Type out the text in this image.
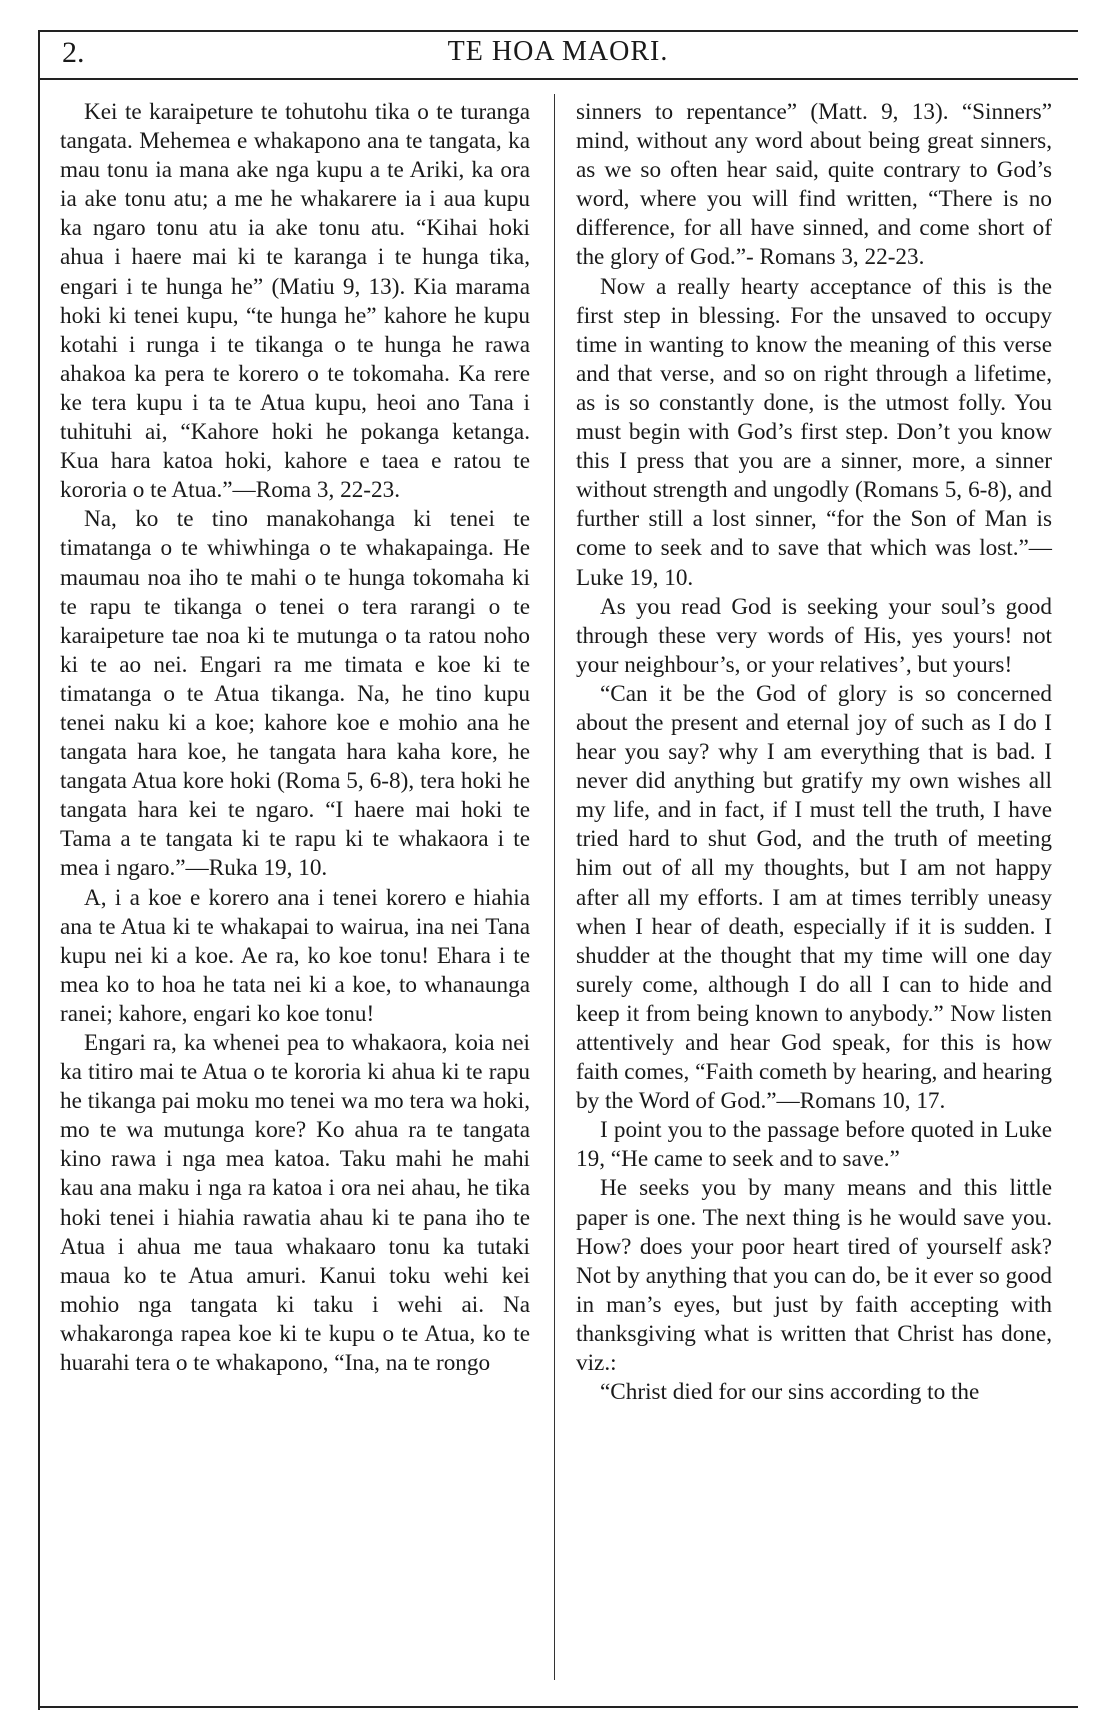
2.	TE HOA MAORI.

Kei te karaipeture te tohutohu tika o te turanga tangata. Mehemea e whakapono ana te tangata, ka mau tonu ia mana ake nga kupu a te Ariki, ka ora ia ake tonu atu; a me he whakarere ia i aua kupu ka ngaro tonu atu ia ake tonu atu. “Kihai hoki ahua i haere mai ki te karanga i te hunga tika, engari i te hunga he” (Matiu 9, 13). Kia marama hoki ki tenei kupu, “te hunga he” kahore he kupu kotahi i runga i te tikanga o te hunga he rawa ahakoa ka pera te korero o te tokomaha. Ka rere ke tera kupu i ta te Atua kupu, heoi ano Tana i tuhituhi ai, “Kahore hoki he pokanga ketanga. Kua hara katoa hoki, kahore e taea e ratou te kororia o te Atua.”—Roma 3, 22-23.

Na, ko te tino manakohanga ki tenei te timatanga o te whiwhinga o te whakapainga. He maumau noa iho te mahi o te hunga tokomaha ki te rapu te tikanga o tenei o tera rarangi o te karaipeture tae noa ki te mutunga o ta ratou noho ki te ao nei. Engari ra me timata e koe ki te timatanga o te Atua tikanga. Na, he tino kupu tenei naku ki a koe; kahore koe e mohio ana he tangata hara koe, he tangata hara kaha kore, he tangata Atua kore hoki (Roma 5, 6-8), tera hoki he tangata hara kei te ngaro. “I haere mai hoki te Tama a te tangata ki te rapu ki te whakaora i te mea i ngaro.”—Ruka 19, 10.

A, i a koe e korero ana i tenei korero e hiahia ana te Atua ki te whakapai to wairua, ina nei Tana kupu nei ki a koe. Ae ra, ko koe tonu! Ehara i te mea ko to hoa he tata nei ki a koe, to whanaunga ranei; kahore, engari ko koe tonu!

Engari ra, ka whenei pea to whakaora, koia nei ka titiro mai te Atua o te kororia ki ahua ki te rapu he tikanga pai moku mo tenei wa mo tera wa hoki, mo te wa mutunga kore? Ko ahua ra te tangata kino rawa i nga mea katoa. Taku mahi he mahi kau ana maku i nga ra katoa i ora nei ahau, he tika hoki tenei i hiahia rawatia ahau ki te pana iho te Atua i ahua me taua whakaaro tonu ka tutaki maua ko te Atua amuri. Kanui toku wehi kei mohio nga tangata ki taku i wehi ai. Na whakaronga rapea koe ki te kupu o te Atua, ko te huarahi tera o te whakapono, “Ina, na te rongo

sinners to repentance” (Matt. 9, 13). “Sinners” mind, without any word about being great sinners, as we so often hear said, quite contrary to God’s word, where you will find written, “There is no difference, for all have sinned, and come short of the glory of God.”- Romans 3, 22-23.

Now a really hearty acceptance of this is the first step in blessing. For the unsaved to occupy time in wanting to know the meaning of this verse and that verse, and so on right through a lifetime, as is so constantly done, is the utmost folly. You must begin with God’s first step. Don’t you know this I press that you are a sinner, more, a sinner without strength and ungodly (Romans 5, 6-8), and further still a lost sinner, “for the Son of Man is come to seek and to save that which was lost.”—Luke 19, 10.

As you read God is seeking your soul’s good through these very words of His, yes yours! not your neighbour’s, or your relatives’, but yours!

“Can it be the God of glory is so concerned about the present and eternal joy of such as I do I hear you say? why I am everything that is bad. I never did anything but gratify my own wishes all my life, and in fact, if I must tell the truth, I have tried hard to shut God, and the truth of meeting him out of all my thoughts, but I am not happy after all my efforts. I am at times terribly uneasy when I hear of death, especially if it is sudden. I shudder at the thought that my time will one day surely come, although I do all I can to hide and keep it from being known to anybody.” Now listen attentively and hear God speak, for this is how faith comes, “Faith cometh by hearing, and hearing by the Word of God.”—Romans 10, 17.

I point you to the passage before quoted in Luke 19, “He came to seek and to save.”

He seeks you by many means and this little paper is one. The next thing is he would save you. How? does your poor heart tired of yourself ask? Not by anything that you can do, be it ever so good in man’s eyes, but just by faith accepting with thanksgiving what is written that Christ has done, viz.:

“Christ died for our sins according to the
